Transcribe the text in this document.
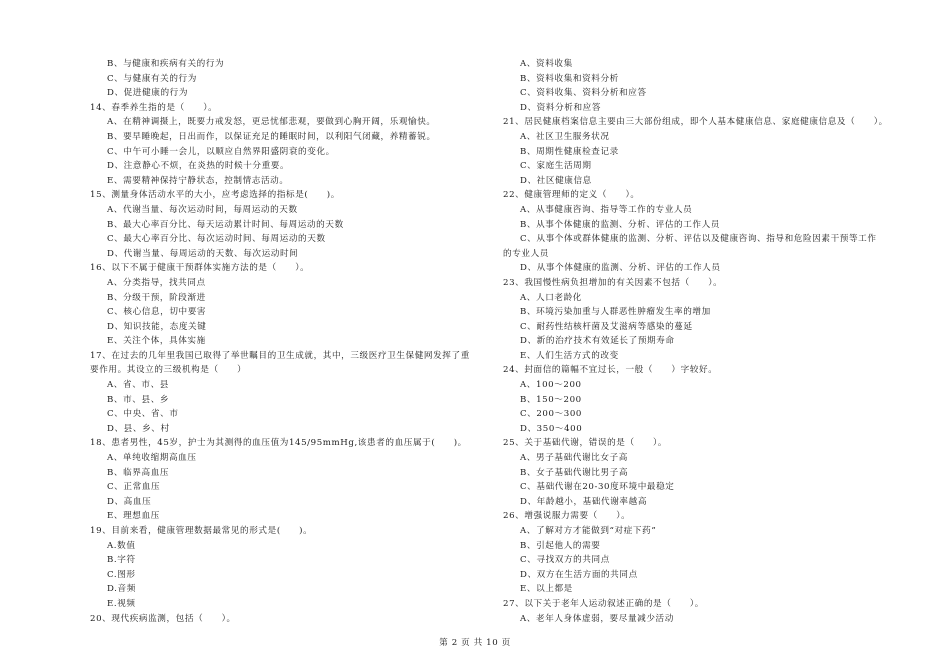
B、与健康和疾病有关的行为
C、与健康有关的行为
D、促进健康的行为
14、春季养生指的是（　　）。
A、在精神调摄上，既要力戒发怒，更忌忧郁悲观，要做到心胸开阔，乐观愉快。
B、要早睡晚起，日出而作，以保证充足的睡眠时间，以利阳气闭藏，养精蓄锐。
C、中午可小睡一会儿，以顺应自然界阳盛阴衰的变化。
D、注意静心不烦，在炎热的时候十分重要。
E、需要精神保持宁静状态，控制情志活动。
15、测量身体活动水平的大小，应考虑选择的指标是(　　)。
A、代谢当量、每次运动时间，每周运动的天数
B、最大心率百分比、每天运动累计时间、每周运动的天数
C、最大心率百分比、每次运动时间、每周运动的天数
D、代谢当量、每周运动的天数、每次运动时间
16、以下不属于健康干预群体实施方法的是（　　）。
A、分类指导，找共同点
B、分级干预，阶段渐进
C、核心信息，切中要害
D、知识技能，态度关键
E、关注个体，具体实施
17、在过去的几年里我国已取得了举世瞩目的卫生成就，其中，三级医疗卫生保健网发挥了重
要作用。其设立的三级机构是（　　）
A、省、市、县
B、市、县、乡
C、中央、省、市
D、县、乡、村
18、患者男性，45岁，护士为其测得的血压值为145/95mmHg,该患者的血压属于(　　)。
A、单纯收缩期高血压
B、临界高血压
C、正常血压
D、高血压
E、理想血压
19、目前来看，健康管理数据最常见的形式是(　　)。
A.数值
B.字符
C.图形
D.音频
E.视频
20、现代疾病监测，包括（　　）。
A、资料收集
B、资料收集和资料分析
C、资料收集、资料分析和应答
D、资料分析和应答
21、居民健康档案信息主要由三大部份组成，即个人基本健康信息、家庭健康信息及（　　）。
A、社区卫生服务状况
B、周期性健康检查记录
C、家庭生活周期
D、社区健康信息
22、健康管理师的定义（　　）。
A、从事健康咨询、指导等工作的专业人员
B、从事个体健康的监测、分析、评估的工作人员
C、从事个体或群体健康的监测、分析、评估以及健康咨询、指导和危险因素干预等工作
的专业人员
D、从事个体健康的监测、分析、评估的工作人员
23、我国慢性病负担增加的有关因素不包括（　　）。
A、人口老龄化
B、环境污染加重与人群恶性肿瘤发生率的增加
C、耐药性结核杆菌及艾滋病等感染的蔓延
D、新的治疗技术有效延长了预期寿命
E、人们生活方式的改变
24、封面信的篇幅不宜过长，一般（　　）字较好。
A、100～200
B、150～200
C、200～300
D、350～400
25、关于基础代谢，错误的是（　　）。
A、男子基础代谢比女子高
B、女子基础代谢比男子高
C、基础代谢在20-30度环境中最稳定
D、年龄越小，基础代谢率越高
26、增强说服力需要（　　）。
A、了解对方才能做到“对症下药”
B、引起他人的需要
C、寻找双方的共同点
D、双方在生活方面的共同点
E、以上都是
27、以下关于老年人运动叙述正确的是（　　）。
A、老年人身体虚弱，要尽量减少活动
第 2 页 共 10 页
